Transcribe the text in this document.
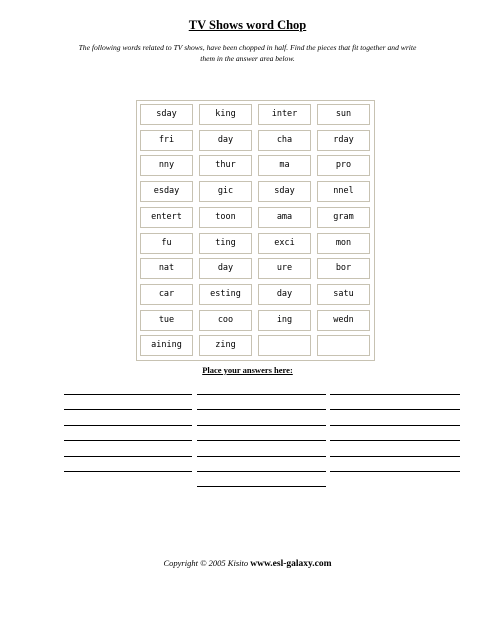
TV Shows word Chop
The following words related to TV shows, have been chopped in half. Find the pieces that fit together and write
them in the answer area below.
sday	king	inter	sun
fri	day	cha	rday
nny	thur	ma	pro
esday	gic	sday	nnel
entert	toon	ama	gram
fu	ting	exci	mon
nat	day	ure	bor
car	esting	day	satu
tue	coo	ing	wedn
aining	zing
Place your answers here:
Copyright © 2005 Kisito www.esl-galaxy.com
